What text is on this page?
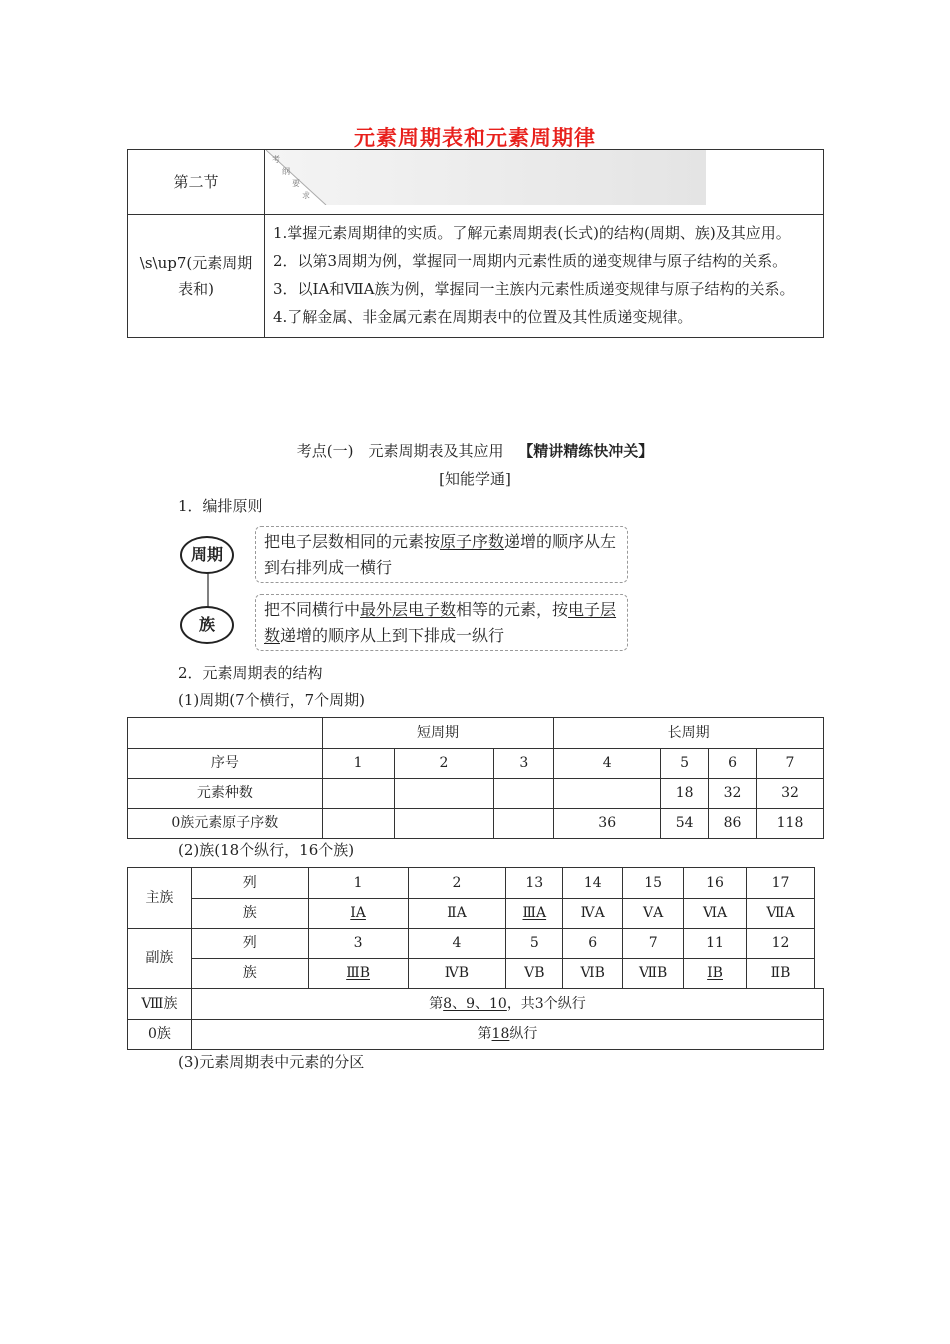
元素周期表和元素周期律
第二节	考
纲
要
求

\s\up7(元素周期表和)	1.掌握元素周期律的实质。了解元素周期表(长式)的结构(周期、族)及其应用。

2．以第3周期为例，掌握同一周期内元素性质的递变规律与原子结构的关系。

3．以ⅠA和ⅦA族为例，掌握同一主族内元素性质递变规律与原子结构的关系。

4.了解金属、非金属元素在周期表中的位置及其性质递变规律。

考点(一)　元素周期表及其应用 【精讲精练快冲关】
[知能学通]
1．编排原则
周期
族
把电子层数相同的元素按原子序数递增的顺序从左到右排列成一横行
把不同横行中最外层电子数相等的元素，按电子层数递增的顺序从上到下排成一纵行
2．元素周期表的结构
(1)周期(7个横行，7个周期)
	短周期			长周期			
序号	1	2	3	4	5	6	7
元素种数					18	32	32
0族元素原子序数				36	54	86	118
(2)族(18个纵行，16个族)
主族	列	1	2	13	14	15	16	17
	族	ⅠA	ⅡA	ⅢA	ⅣA	ⅤA	ⅥA	ⅦA
副族	列	3	4	5	6	7	11	12
	族	ⅢB	ⅣB	ⅤB	ⅥB	ⅦB	ⅠB	ⅡB
Ⅷ族	第8、9、10，共3个纵行
0族	第18纵行
(3)元素周期表中元素的分区
